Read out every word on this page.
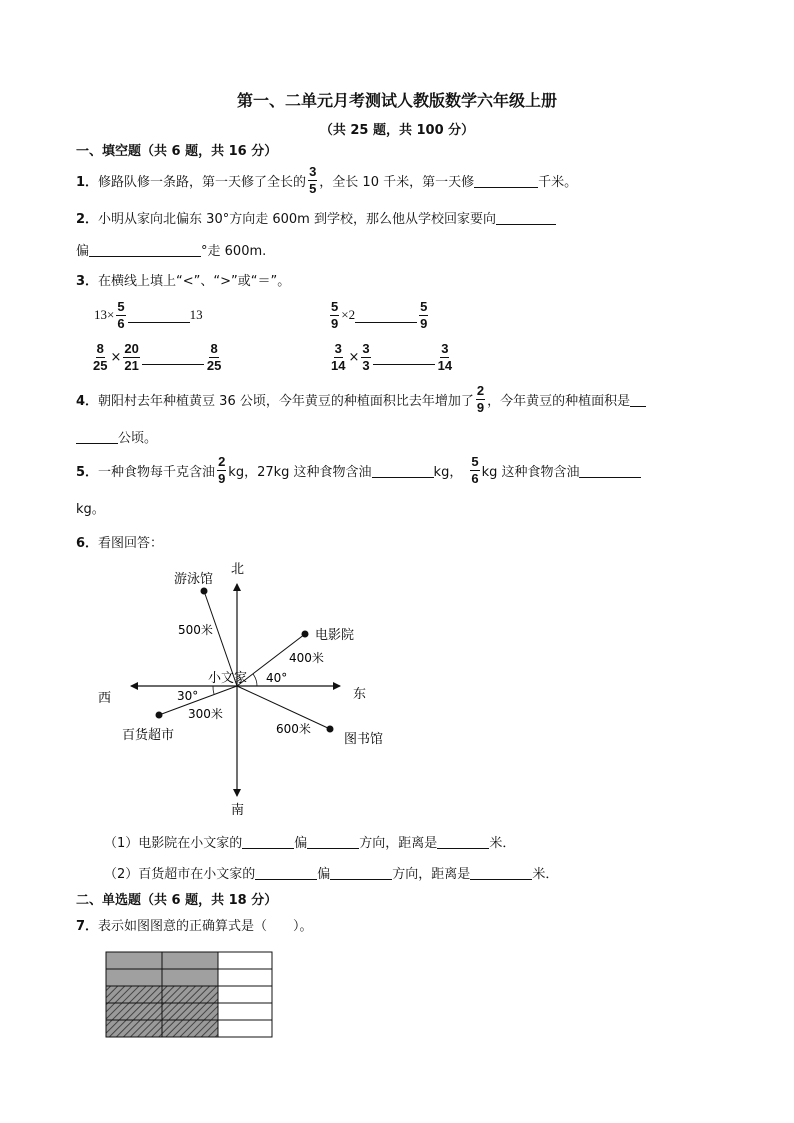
第一、二单元月考测试人教版数学六年级上册
（共 25 题，共 100 分）
一、填空题（共 6 题，共 16 分）
1． 修路队修一条路，第一天修了全长的 $\frac{3}{5}$ ，全长 10 千米，第一天修	千米。
2． 小明从家向北偏东 30°方向走 600m 到学校，那么他从学校回家要向
偏	°走 600m.
3． 在横线上填上“<”、“>”或“＝”。
$13\times \frac{5}{6}$	13	$\frac{5}{9} \times 2$	$\frac{5}{9}$
$\frac{8}{25} \times \frac{20}{21}$	$\frac{8}{25}$	$\frac{3}{14} \times \frac{3}{3}$	$\frac{3}{14}$
4． 朝阳村去年种植黄豆 36 公顷，今年黄豆的种植面积比去年增加了 $\frac{2}{9}$ ，今年黄豆的种植面积是
公顷。
5． 一种食物每千克含油 $\frac{2}{9}$ kg，27kg 这种食物含油	kg， $\frac{5}{6}$ kg 这种食物含油
kg。
6． 看图回答：
北
南
东
西
小文家
游泳馆
500米	电影院
400米
40°
30°
300米
百货超市	600米
图书馆
（1）电影院在小文家的	偏	方向，距离是	米．
（2）百货超市在小文家的	偏	方向，距离是	米．
二、单选题（共 6 题，共 18 分）
7． 表示如图图意的正确算式是（　　）。
